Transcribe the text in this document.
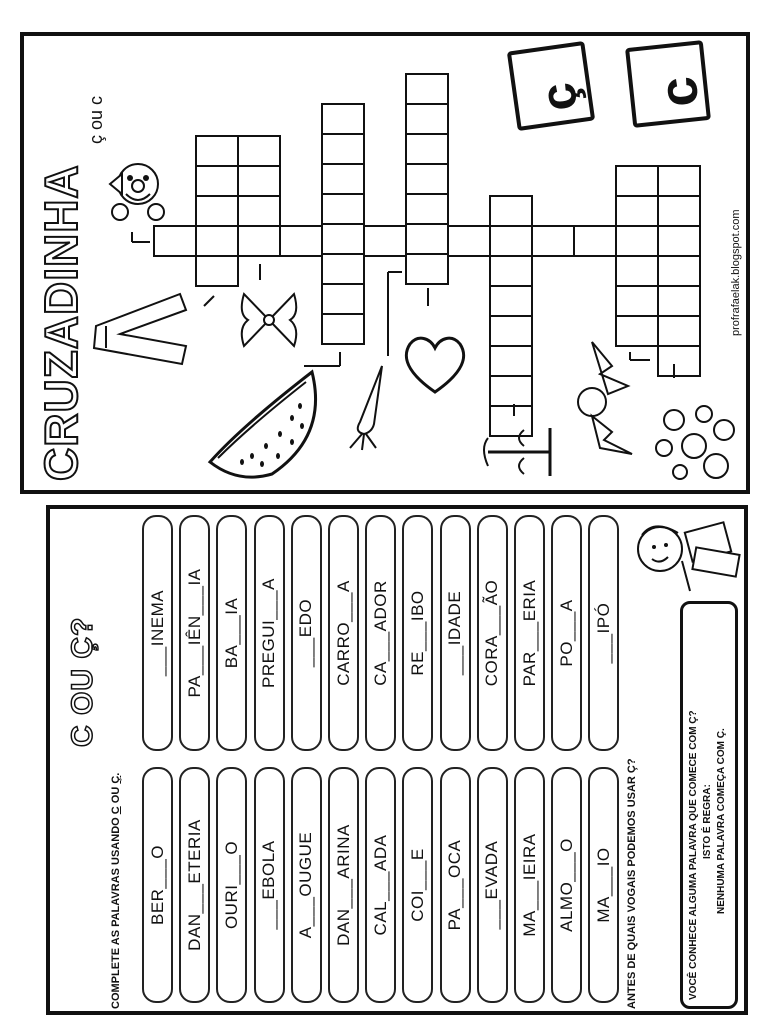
CRUZADINHA
ç ou c	ç c
profrafaelak.blogspot.com
C OU Ç?
COMPLETE AS PALAVRAS USANDO C OU Ç.	ANTES DE QUAIS VOGAIS PODEMOS USAR Ç?	VOCÊ CONHECE ALGUMA PALAVRA QUE COMECE COM Ç? ISTO É REGRA: NENHUMA PALAVRA COMEÇA COM Ç.
BER___O DAN___ETERIA OURI___O ___EBOLA A___OUGUE DAN___ARINA CAL___ADA COI___E PA___OCA ___EVADA MA___IEIRA ALMO___O MA___IO
___INEMA PA___IÊN___IA BA___IA PREGUI___A ___EDO CARRO___A CA___ADOR RE___IBO ___IDADE CORA___ÃO PAR___ERIA PO___A ___IPÓ
